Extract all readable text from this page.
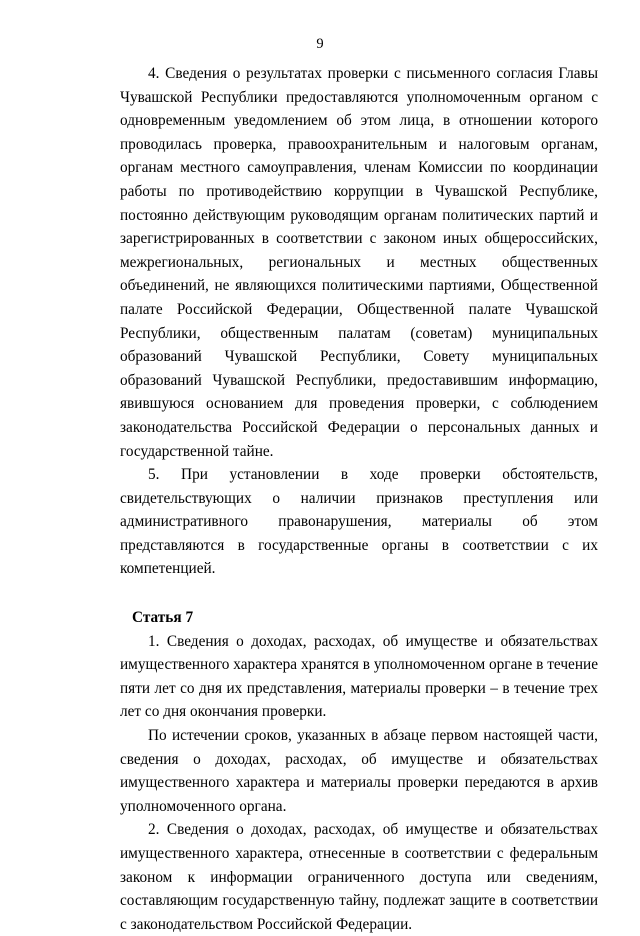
9

4. Сведения о результатах проверки с письменного согласия Главы Чувашской Республики предоставляются уполномоченным органом с одновременным уведомлением об этом лица, в отношении которого проводилась проверка, правоохранительным и налоговым органам, органам местного самоуправления, членам Комиссии по координации работы по противодействию коррупции в Чувашской Республике, постоянно действующим руководящим органам политических партий и зарегистрированных в соответствии с законом иных общероссийских, межрегиональных, региональных и местных общественных объединений, не являющихся политическими партиями, Общественной палате Российской Федерации, Общественной палате Чувашской Республики, общественным палатам (советам) муниципальных образований Чувашской Республики, Совету муниципальных образований Чувашской Республики, предоставившим информацию, явившуюся основанием для проведения проверки, с соблюдением законодательства Российской Федерации о персональных данных и государственной тайне.

5. При установлении в ходе проверки обстоятельств, свидетельствующих о наличии признаков преступления или административного правонарушения, материалы об этом представляются в государственные органы в соответствии с их компетенцией.

Статья 7

1. Сведения о доходах, расходах, об имуществе и обязательствах имущественного характера хранятся в уполномоченном органе в течение пяти лет со дня их представления, материалы проверки – в течение трех лет со дня окончания проверки.

По истечении сроков, указанных в абзаце первом настоящей части, сведения о доходах, расходах, об имуществе и обязательствах имущественного характера и материалы проверки передаются в архив уполномоченного органа.

2. Сведения о доходах, расходах, об имуществе и обязательствах имущественного характера, отнесенные в соответствии с федеральным законом к информации ограниченного доступа или сведениям, составляющим государственную тайну, подлежат защите в соответствии с законодательством Российской Федерации.
